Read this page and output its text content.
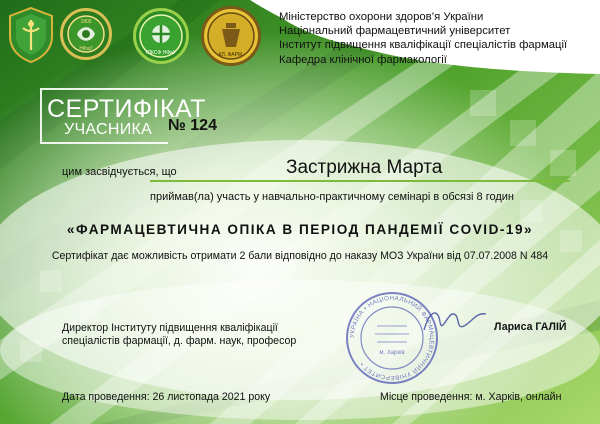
1805
НФаУ
ІПКСФ НФаУ	КЛ. ФАРМ.
Міністерство охорони здоров’я України
Національний фармацевтичний університет
Інститут підвищення кваліфікації спеціалістів фармації
Кафедра клінічної фармакології
СЕРТИФІКАТ
УЧАСНИКА № 124
цим засвідчується, що	Застрижна Марта
приймав(ла) участь у навчально-практичному семінарі в обсязі 8 годин
«ФАРМАЦЕВТИЧНА ОПІКА В ПЕРІОД ПАНДЕМІЇ COVID-19»
Сертифікат дає можливість отримати 2 бали відповідно до наказу МОЗ України від 07.07.2008 N 484
Директор Інституту підвищення кваліфікації
спеціалістів фармації, д. фарм. наук, професор	УКРАЇНА • НАЦІОНАЛЬНИЙ ФАРМАЦЕВТИЧНИЙ УНІВЕРСИТЕТ •
м. Харків
Лариса ГАЛІЙ
Дата проведення: 26 листопада 2021 року	Місце проведення: м. Харків, онлайн
